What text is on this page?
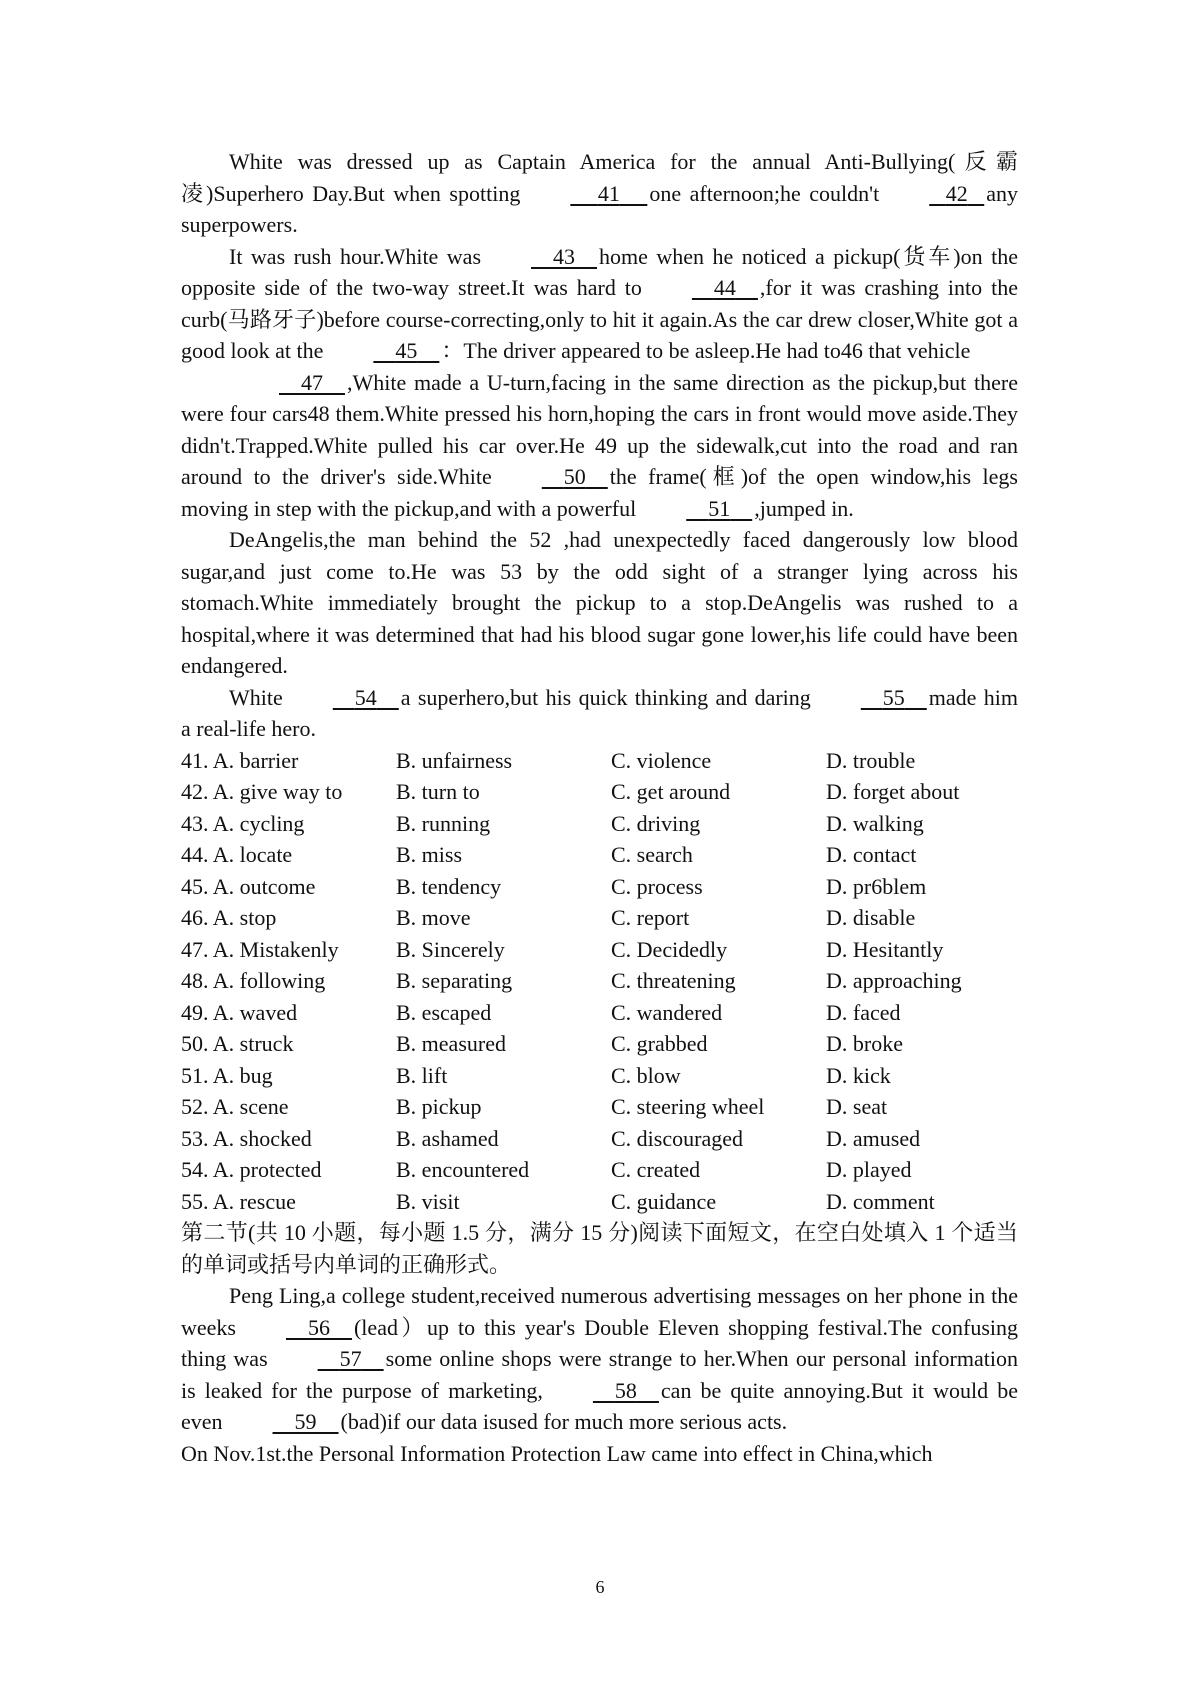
White was dressed up as Captain America for the annual Anti-Bullying(反霸凌)Superhero Day.But when spotting	41 one afternoon;he couldn't	42 any superpowers.

It was rush hour.White was	43 home when he noticed a pickup(货车)on the opposite side of the two-way street.It was hard to	44 ,for it was crashing into the curb(马路牙子)before course-correcting,only to hit it again.As the car drew closer,White got a good look at the	45 ：The driver appeared to be asleep.He had to46 that vehicle

47 ,White made a U-turn,facing in the same direction as the pickup,but there were four cars48 them.White pressed his horn,hoping the cars in front would move aside.They didn't.Trapped.White pulled his car over.He 49 up the sidewalk,cut into the road and ran around to the driver's side.White	50 the frame(框)of the open window,his legs moving in step with the pickup,and with a powerful	51 ,jumped in.

DeAngelis,the man behind the 52 ,had unexpectedly faced dangerously low blood sugar,and just come to.He was 53 by the odd sight of a stranger lying across his stomach.White immediately brought the pickup to a stop.DeAngelis was rushed to a hospital,where it was determined that had his blood sugar gone lower,his life could have been endangered.

White	54 a superhero,but his quick thinking and daring	55 made him a real-life hero.

41. A. barrier	B. unfairness	C. violence	D. trouble
42. A. give way to	B. turn to	C. get around	D. forget about
43. A. cycling	B. running	C. driving	D. walking
44. A. locate	B. miss	C. search	D. contact
45. A. outcome	B. tendency	C. process	D. pr6blem
46. A. stop	B. move	C. report	D. disable
47. A. Mistakenly	B. Sincerely	C. Decidedly	D. Hesitantly
48. A. following	B. separating	C. threatening	D. approaching
49. A. waved	B. escaped	C. wandered	D. faced
50. A. struck	B. measured	C. grabbed	D. broke
51. A. bug	B. lift	C. blow	D. kick
52. A. scene	B. pickup	C. steering wheel	D. seat
53. A. shocked	B. ashamed	C. discouraged	D. amused
54. A. protected	B. encountered	C. created	D. played
55. A. rescue	B. visit	C. guidance	D. comment

第二节(共 10 小题，每小题 1.5 分，满分 15 分)阅读下面短文，在空白处填入 1 个适当的单词或括号内单词的正确形式。

Peng Ling,a college student,received numerous advertising messages on her phone in the weeks	56 (lead）up to this year's Double Eleven shopping festival.The confusing thing was	57 some online shops were strange to her.When our personal information is leaked for the purpose of marketing,	58 can be quite annoying.But it would be even	59 (bad)if our data isused for much more serious acts.

On Nov.1st.the Personal Information Protection Law came into effect in China,which

6
